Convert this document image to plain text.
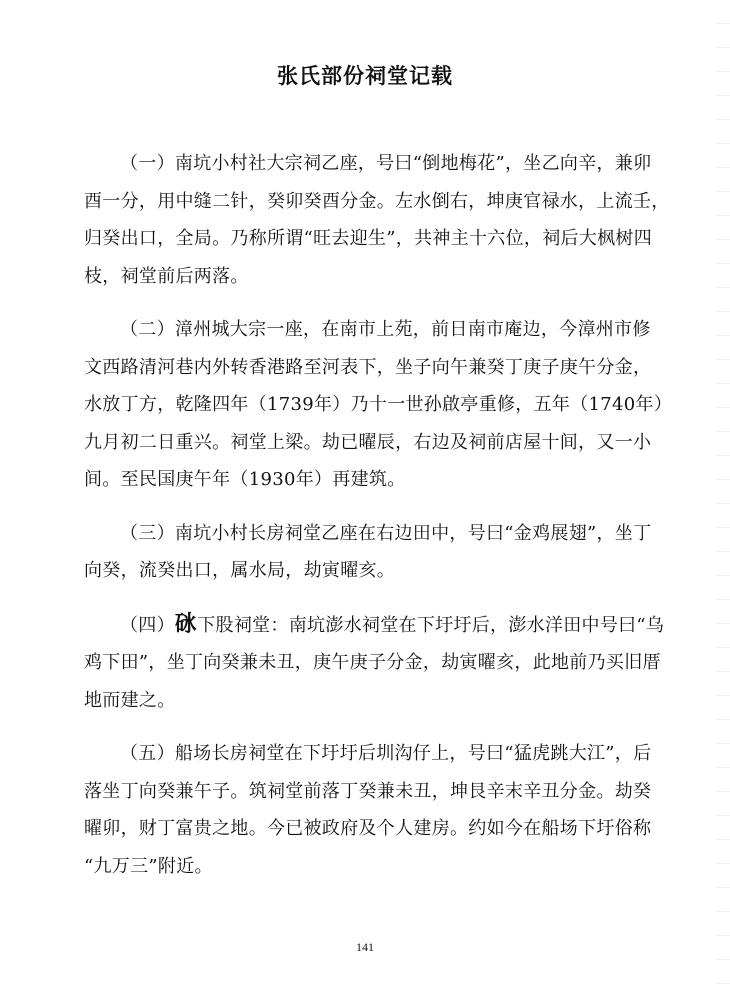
张氏部份祠堂记载

（一）南坑小村社大宗祠乙座，号曰“倒地梅花”，坐乙向辛，兼卯
酉一分，用中缝二针，癸卯癸酉分金。左水倒右，坤庚官禄水，上流壬，
归癸出口，全局。乃称所谓“旺去迎生”，共神主十六位，祠后大枫树四
枝，祠堂前后两落。

（二）漳州城大宗一座，在南市上苑，前日南市庵边，今漳州市修
文西路清河巷内外转香港路至河表下，坐子向午兼癸丁庚子庚午分金，
水放丁方，乾隆四年（1739年）乃十一世孙啟亭重修，五年（1740年）
九月初二日重兴。祠堂上梁。劫已曜辰，右边及祠前店屋十间，又一小
间。至民国庚午年（1930年）再建筑。

（三）南坑小村长房祠堂乙座在右边田中，号曰“金鸡展翅”，坐丁
向癸，流癸出口，属水局，劫寅曜亥。

（四）砯下股祠堂：南坑澎水祠堂在下圩圩后，澎水洋田中号曰“乌
鸡下田”，坐丁向癸兼未丑，庚午庚子分金，劫寅曜亥，此地前乃买旧厝
地而建之。

（五）船场长房祠堂在下圩圩后圳沟仔上，号曰“猛虎跳大江”，后
落坐丁向癸兼午子。筑祠堂前落丁癸兼未丑，坤艮辛末辛丑分金。劫癸
曜卯，财丁富贵之地。今已被政府及个人建房。约如今在船场下圩俗称
“九万三”附近。

141
